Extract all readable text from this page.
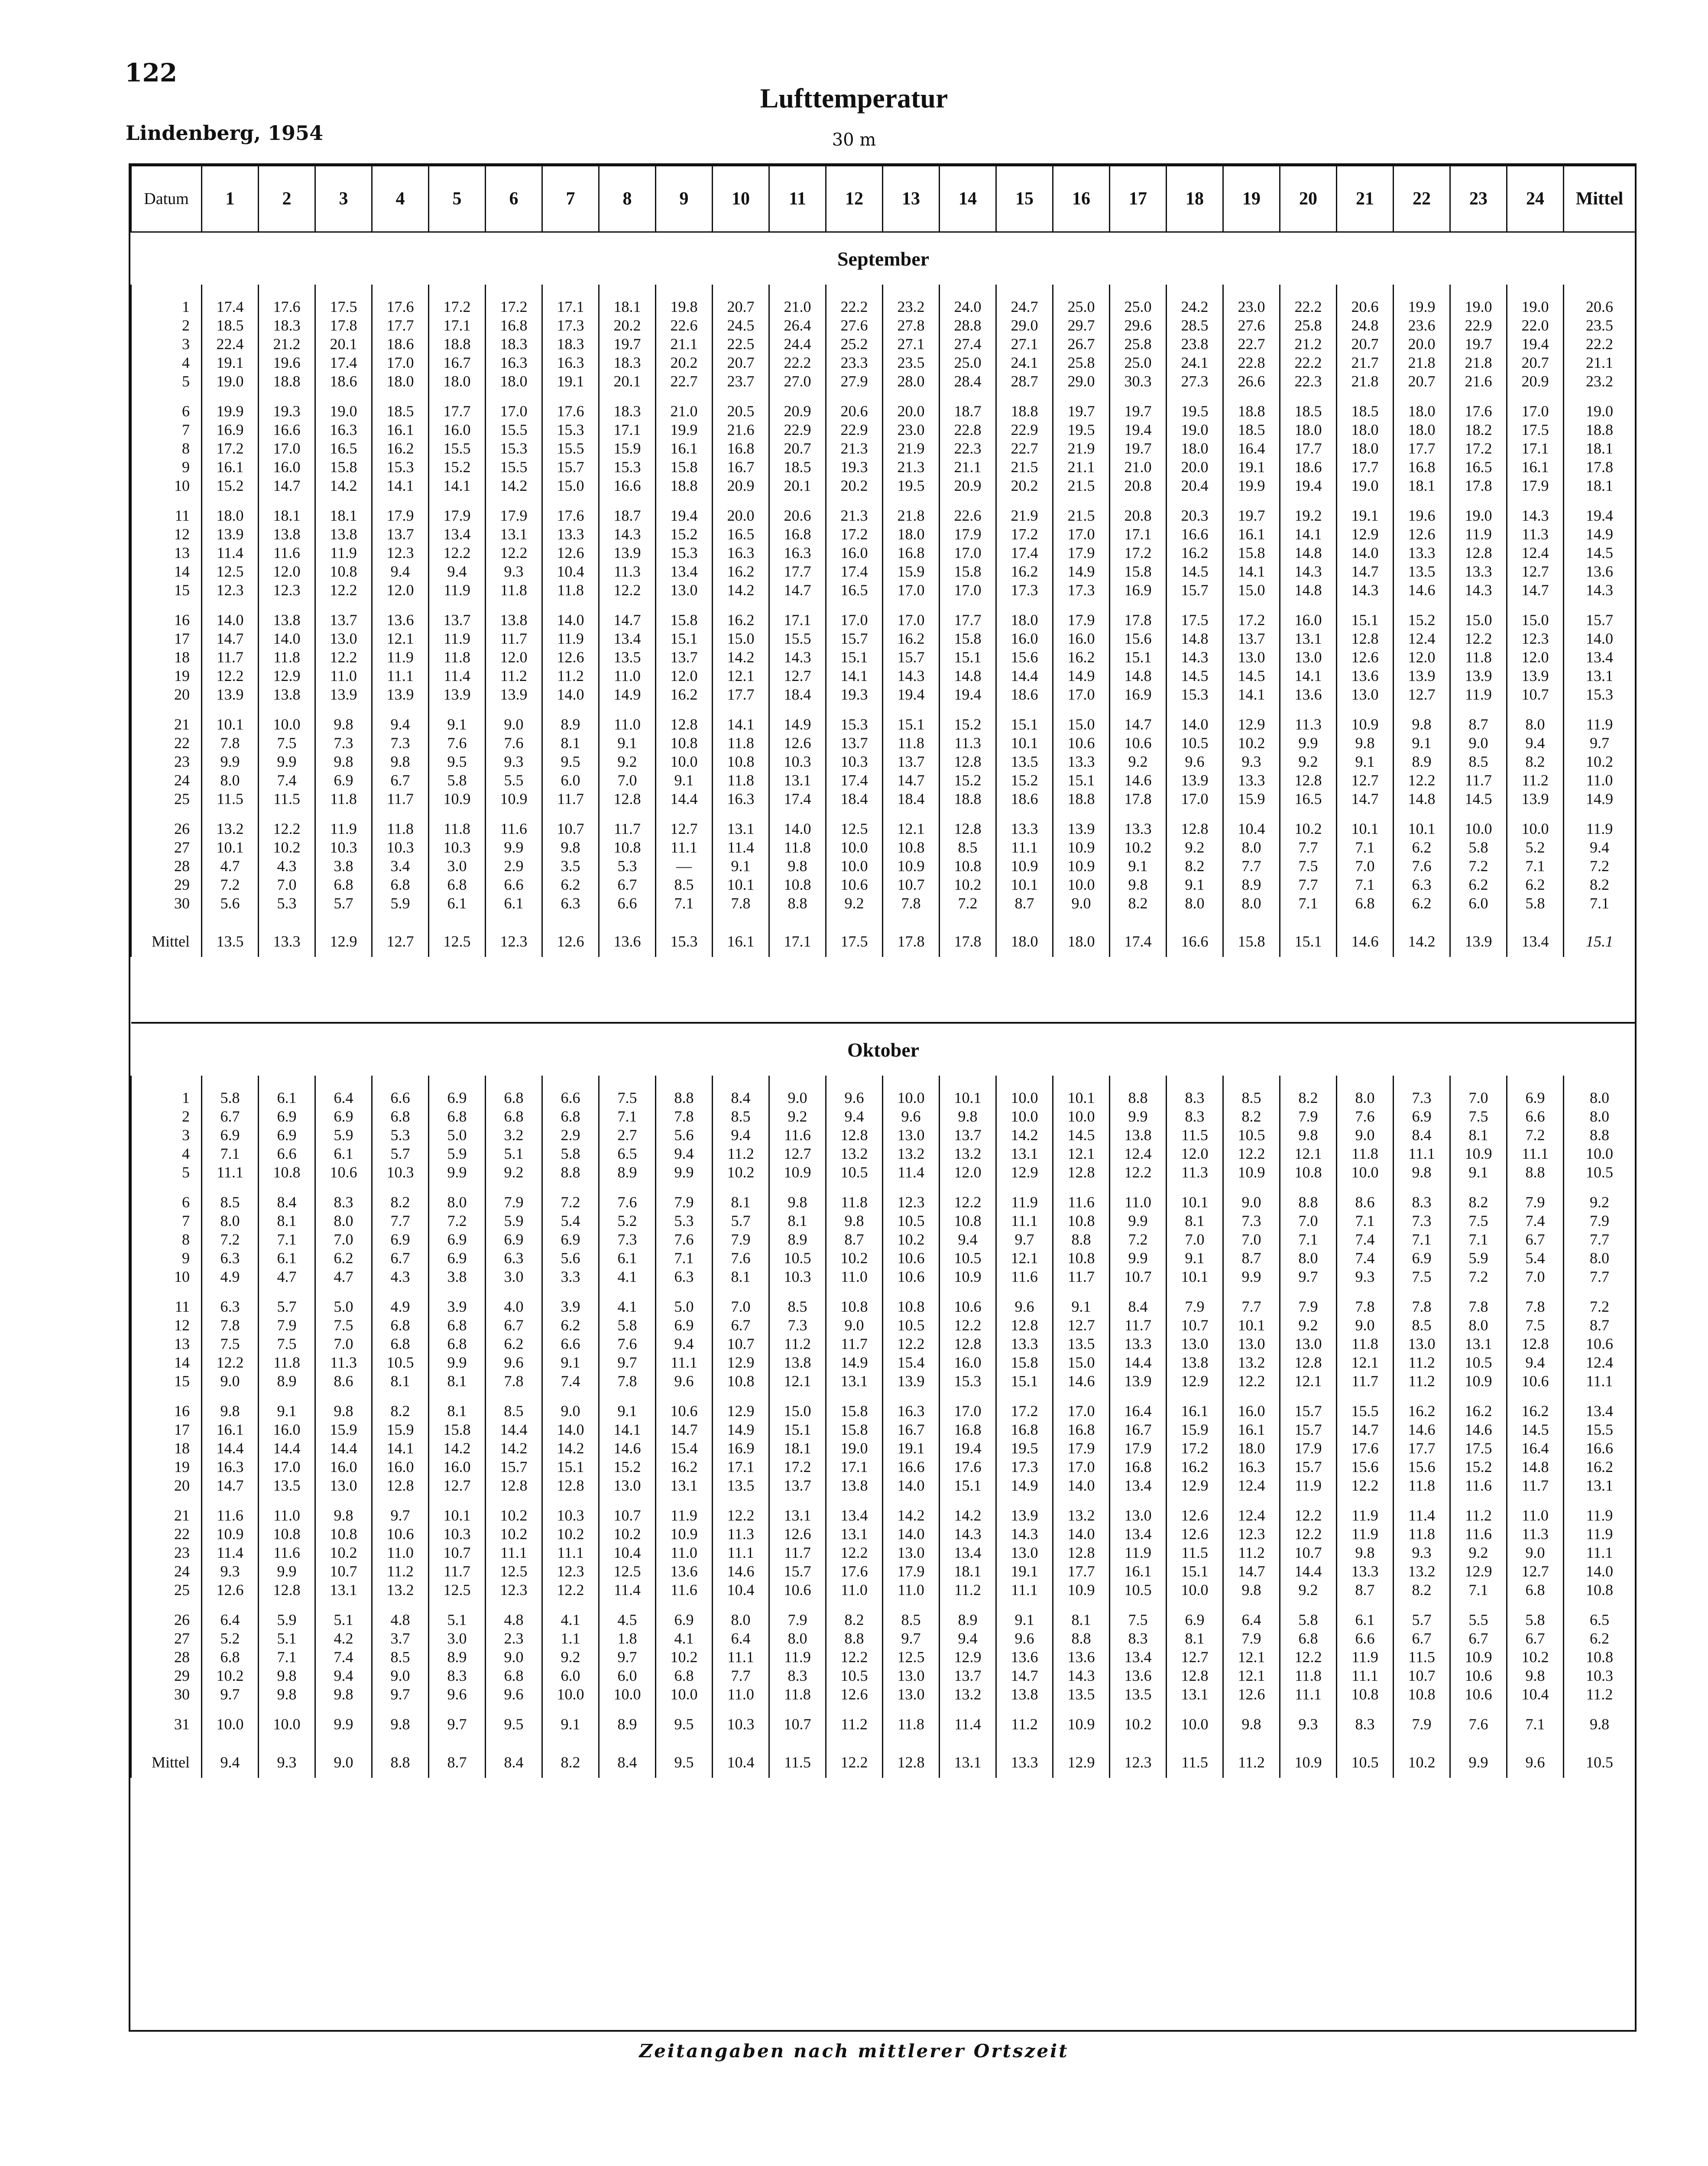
122
Lufttemperatur
Lindenberg, 1954	30 m
Datum	1	2	3	4	5	6	7	8	9	10	11	12	13	14	15	16	17	18	19	20	21	22	23	24	Mittel
September																									

1	17.4	17.6	17.5	17.6	17.2	17.2	17.1	18.1	19.8	20.7	21.0	22.2	23.2	24.0	24.7	25.0	25.0	24.2	23.0	22.2	20.6	19.9	19.0	19.0	20.6
2	18.5	18.3	17.8	17.7	17.1	16.8	17.3	20.2	22.6	24.5	26.4	27.6	27.8	28.8	29.0	29.7	29.6	28.5	27.6	25.8	24.8	23.6	22.9	22.0	23.5
3	22.4	21.2	20.1	18.6	18.8	18.3	18.3	19.7	21.1	22.5	24.4	25.2	27.1	27.4	27.1	26.7	25.8	23.8	22.7	21.2	20.7	20.0	19.7	19.4	22.2
4	19.1	19.6	17.4	17.0	16.7	16.3	16.3	18.3	20.2	20.7	22.2	23.3	23.5	25.0	24.1	25.8	25.0	24.1	22.8	22.2	21.7	21.8	21.8	20.7	21.1
5	19.0	18.8	18.6	18.0	18.0	18.0	19.1	20.1	22.7	23.7	27.0	27.9	28.0	28.4	28.7	29.0	30.3	27.3	26.6	22.3	21.8	20.7	21.6	20.9	23.2

6	19.9	19.3	19.0	18.5	17.7	17.0	17.6	18.3	21.0	20.5	20.9	20.6	20.0	18.7	18.8	19.7	19.7	19.5	18.8	18.5	18.5	18.0	17.6	17.0	19.0
7	16.9	16.6	16.3	16.1	16.0	15.5	15.3	17.1	19.9	21.6	22.9	22.9	23.0	22.8	22.9	19.5	19.4	19.0	18.5	18.0	18.0	18.0	18.2	17.5	18.8
8	17.2	17.0	16.5	16.2	15.5	15.3	15.5	15.9	16.1	16.8	20.7	21.3	21.9	22.3	22.7	21.9	19.7	18.0	16.4	17.7	18.0	17.7	17.2	17.1	18.1
9	16.1	16.0	15.8	15.3	15.2	15.5	15.7	15.3	15.8	16.7	18.5	19.3	21.3	21.1	21.5	21.1	21.0	20.0	19.1	18.6	17.7	16.8	16.5	16.1	17.8
10	15.2	14.7	14.2	14.1	14.1	14.2	15.0	16.6	18.8	20.9	20.1	20.2	19.5	20.9	20.2	21.5	20.8	20.4	19.9	19.4	19.0	18.1	17.8	17.9	18.1

11	18.0	18.1	18.1	17.9	17.9	17.9	17.6	18.7	19.4	20.0	20.6	21.3	21.8	22.6	21.9	21.5	20.8	20.3	19.7	19.2	19.1	19.6	19.0	14.3	19.4
12	13.9	13.8	13.8	13.7	13.4	13.1	13.3	14.3	15.2	16.5	16.8	17.2	18.0	17.9	17.2	17.0	17.1	16.6	16.1	14.1	12.9	12.6	11.9	11.3	14.9
13	11.4	11.6	11.9	12.3	12.2	12.2	12.6	13.9	15.3	16.3	16.3	16.0	16.8	17.0	17.4	17.9	17.2	16.2	15.8	14.8	14.0	13.3	12.8	12.4	14.5
14	12.5	12.0	10.8	9.4	9.4	9.3	10.4	11.3	13.4	16.2	17.7	17.4	15.9	15.8	16.2	14.9	15.8	14.5	14.1	14.3	14.7	13.5	13.3	12.7	13.6
15	12.3	12.3	12.2	12.0	11.9	11.8	11.8	12.2	13.0	14.2	14.7	16.5	17.0	17.0	17.3	17.3	16.9	15.7	15.0	14.8	14.3	14.6	14.3	14.7	14.3

16	14.0	13.8	13.7	13.6	13.7	13.8	14.0	14.7	15.8	16.2	17.1	17.0	17.0	17.7	18.0	17.9	17.8	17.5	17.2	16.0	15.1	15.2	15.0	15.0	15.7
17	14.7	14.0	13.0	12.1	11.9	11.7	11.9	13.4	15.1	15.0	15.5	15.7	16.2	15.8	16.0	16.0	15.6	14.8	13.7	13.1	12.8	12.4	12.2	12.3	14.0
18	11.7	11.8	12.2	11.9	11.8	12.0	12.6	13.5	13.7	14.2	14.3	15.1	15.7	15.1	15.6	16.2	15.1	14.3	13.0	13.0	12.6	12.0	11.8	12.0	13.4
19	12.2	12.9	11.0	11.1	11.4	11.2	11.2	11.0	12.0	12.1	12.7	14.1	14.3	14.8	14.4	14.9	14.8	14.5	14.5	14.1	13.6	13.9	13.9	13.9	13.1
20	13.9	13.8	13.9	13.9	13.9	13.9	14.0	14.9	16.2	17.7	18.4	19.3	19.4	19.4	18.6	17.0	16.9	15.3	14.1	13.6	13.0	12.7	11.9	10.7	15.3

21	10.1	10.0	9.8	9.4	9.1	9.0	8.9	11.0	12.8	14.1	14.9	15.3	15.1	15.2	15.1	15.0	14.7	14.0	12.9	11.3	10.9	9.8	8.7	8.0	11.9
22	7.8	7.5	7.3	7.3	7.6	7.6	8.1	9.1	10.8	11.8	12.6	13.7	11.8	11.3	10.1	10.6	10.6	10.5	10.2	9.9	9.8	9.1	9.0	9.4	9.7
23	9.9	9.9	9.8	9.8	9.5	9.3	9.5	9.2	10.0	10.8	10.3	10.3	13.7	12.8	13.5	13.3	9.2	9.6	9.3	9.2	9.1	8.9	8.5	8.2	10.2
24	8.0	7.4	6.9	6.7	5.8	5.5	6.0	7.0	9.1	11.8	13.1	17.4	14.7	15.2	15.2	15.1	14.6	13.9	13.3	12.8	12.7	12.2	11.7	11.2	11.0
25	11.5	11.5	11.8	11.7	10.9	10.9	11.7	12.8	14.4	16.3	17.4	18.4	18.4	18.8	18.6	18.8	17.8	17.0	15.9	16.5	14.7	14.8	14.5	13.9	14.9

26	13.2	12.2	11.9	11.8	11.8	11.6	10.7	11.7	12.7	13.1	14.0	12.5	12.1	12.8	13.3	13.9	13.3	12.8	10.4	10.2	10.1	10.1	10.0	10.0	11.9
27	10.1	10.2	10.3	10.3	10.3	9.9	9.8	10.8	11.1	11.4	11.8	10.0	10.8	8.5	11.1	10.9	10.2	9.2	8.0	7.7	7.1	6.2	5.8	5.2	9.4
28	4.7	4.3	3.8	3.4	3.0	2.9	3.5	5.3	—	9.1	9.8	10.0	10.9	10.8	10.9	10.9	9.1	8.2	7.7	7.5	7.0	7.6	7.2	7.1	7.2
29	7.2	7.0	6.8	6.8	6.8	6.6	6.2	6.7	8.5	10.1	10.8	10.6	10.7	10.2	10.1	10.0	9.8	9.1	8.9	7.7	7.1	6.3	6.2	6.2	8.2
30	5.6	5.3	5.7	5.9	6.1	6.1	6.3	6.6	7.1	7.8	8.8	9.2	7.8	7.2	8.7	9.0	8.2	8.0	8.0	7.1	6.8	6.2	6.0	5.8	7.1

Mittel	13.5	13.3	12.9	12.7	12.5	12.3	12.6	13.6	15.3	16.1	17.1	17.5	17.8	17.8	18.0	18.0	17.4	16.6	15.8	15.1	14.6	14.2	13.9	13.4	15.1

Oktober																									

1	5.8	6.1	6.4	6.6	6.9	6.8	6.6	7.5	8.8	8.4	9.0	9.6	10.0	10.1	10.0	10.1	8.8	8.3	8.5	8.2	8.0	7.3	7.0	6.9	8.0
2	6.7	6.9	6.9	6.8	6.8	6.8	6.8	7.1	7.8	8.5	9.2	9.4	9.6	9.8	10.0	10.0	9.9	8.3	8.2	7.9	7.6	6.9	7.5	6.6	8.0
3	6.9	6.9	5.9	5.3	5.0	3.2	2.9	2.7	5.6	9.4	11.6	12.8	13.0	13.7	14.2	14.5	13.8	11.5	10.5	9.8	9.0	8.4	8.1	7.2	8.8
4	7.1	6.6	6.1	5.7	5.9	5.1	5.8	6.5	9.4	11.2	12.7	13.2	13.2	13.2	13.1	12.1	12.4	12.0	12.2	12.1	11.8	11.1	10.9	11.1	10.0
5	11.1	10.8	10.6	10.3	9.9	9.2	8.8	8.9	9.9	10.2	10.9	10.5	11.4	12.0	12.9	12.8	12.2	11.3	10.9	10.8	10.0	9.8	9.1	8.8	10.5

6	8.5	8.4	8.3	8.2	8.0	7.9	7.2	7.6	7.9	8.1	9.8	11.8	12.3	12.2	11.9	11.6	11.0	10.1	9.0	8.8	8.6	8.3	8.2	7.9	9.2
7	8.0	8.1	8.0	7.7	7.2	5.9	5.4	5.2	5.3	5.7	8.1	9.8	10.5	10.8	11.1	10.8	9.9	8.1	7.3	7.0	7.1	7.3	7.5	7.4	7.9
8	7.2	7.1	7.0	6.9	6.9	6.9	6.9	7.3	7.6	7.9	8.9	8.7	10.2	9.4	9.7	8.8	7.2	7.0	7.0	7.1	7.4	7.1	7.1	6.7	7.7
9	6.3	6.1	6.2	6.7	6.9	6.3	5.6	6.1	7.1	7.6	10.5	10.2	10.6	10.5	12.1	10.8	9.9	9.1	8.7	8.0	7.4	6.9	5.9	5.4	8.0
10	4.9	4.7	4.7	4.3	3.8	3.0	3.3	4.1	6.3	8.1	10.3	11.0	10.6	10.9	11.6	11.7	10.7	10.1	9.9	9.7	9.3	7.5	7.2	7.0	7.7

11	6.3	5.7	5.0	4.9	3.9	4.0	3.9	4.1	5.0	7.0	8.5	10.8	10.8	10.6	9.6	9.1	8.4	7.9	7.7	7.9	7.8	7.8	7.8	7.8	7.2
12	7.8	7.9	7.5	6.8	6.8	6.7	6.2	5.8	6.9	6.7	7.3	9.0	10.5	12.2	12.8	12.7	11.7	10.7	10.1	9.2	9.0	8.5	8.0	7.5	8.7
13	7.5	7.5	7.0	6.8	6.8	6.2	6.6	7.6	9.4	10.7	11.2	11.7	12.2	12.8	13.3	13.5	13.3	13.0	13.0	13.0	11.8	13.0	13.1	12.8	10.6
14	12.2	11.8	11.3	10.5	9.9	9.6	9.1	9.7	11.1	12.9	13.8	14.9	15.4	16.0	15.8	15.0	14.4	13.8	13.2	12.8	12.1	11.2	10.5	9.4	12.4
15	9.0	8.9	8.6	8.1	8.1	7.8	7.4	7.8	9.6	10.8	12.1	13.1	13.9	15.3	15.1	14.6	13.9	12.9	12.2	12.1	11.7	11.2	10.9	10.6	11.1

16	9.8	9.1	9.8	8.2	8.1	8.5	9.0	9.1	10.6	12.9	15.0	15.8	16.3	17.0	17.2	17.0	16.4	16.1	16.0	15.7	15.5	16.2	16.2	16.2	13.4
17	16.1	16.0	15.9	15.9	15.8	14.4	14.0	14.1	14.7	14.9	15.1	15.8	16.7	16.8	16.8	16.8	16.7	15.9	16.1	15.7	14.7	14.6	14.6	14.5	15.5
18	14.4	14.4	14.4	14.1	14.2	14.2	14.2	14.6	15.4	16.9	18.1	19.0	19.1	19.4	19.5	17.9	17.9	17.2	18.0	17.9	17.6	17.7	17.5	16.4	16.6
19	16.3	17.0	16.0	16.0	16.0	15.7	15.1	15.2	16.2	17.1	17.2	17.1	16.6	17.6	17.3	17.0	16.8	16.2	16.3	15.7	15.6	15.6	15.2	14.8	16.2
20	14.7	13.5	13.0	12.8	12.7	12.8	12.8	13.0	13.1	13.5	13.7	13.8	14.0	15.1	14.9	14.0	13.4	12.9	12.4	11.9	12.2	11.8	11.6	11.7	13.1

21	11.6	11.0	9.8	9.7	10.1	10.2	10.3	10.7	11.9	12.2	13.1	13.4	14.2	14.2	13.9	13.2	13.0	12.6	12.4	12.2	11.9	11.4	11.2	11.0	11.9
22	10.9	10.8	10.8	10.6	10.3	10.2	10.2	10.2	10.9	11.3	12.6	13.1	14.0	14.3	14.3	14.0	13.4	12.6	12.3	12.2	11.9	11.8	11.6	11.3	11.9
23	11.4	11.6	10.2	11.0	10.7	11.1	11.1	10.4	11.0	11.1	11.7	12.2	13.0	13.4	13.0	12.8	11.9	11.5	11.2	10.7	9.8	9.3	9.2	9.0	11.1
24	9.3	9.9	10.7	11.2	11.7	12.5	12.3	12.5	13.6	14.6	15.7	17.6	17.9	18.1	19.1	17.7	16.1	15.1	14.7	14.4	13.3	13.2	12.9	12.7	14.0
25	12.6	12.8	13.1	13.2	12.5	12.3	12.2	11.4	11.6	10.4	10.6	11.0	11.0	11.2	11.1	10.9	10.5	10.0	9.8	9.2	8.7	8.2	7.1	6.8	10.8

26	6.4	5.9	5.1	4.8	5.1	4.8	4.1	4.5	6.9	8.0	7.9	8.2	8.5	8.9	9.1	8.1	7.5	6.9	6.4	5.8	6.1	5.7	5.5	5.8	6.5
27	5.2	5.1	4.2	3.7	3.0	2.3	1.1	1.8	4.1	6.4	8.0	8.8	9.7	9.4	9.6	8.8	8.3	8.1	7.9	6.8	6.6	6.7	6.7	6.7	6.2
28	6.8	7.1	7.4	8.5	8.9	9.0	9.2	9.7	10.2	11.1	11.9	12.2	12.5	12.9	13.6	13.6	13.4	12.7	12.1	12.2	11.9	11.5	10.9	10.2	10.8
29	10.2	9.8	9.4	9.0	8.3	6.8	6.0	6.0	6.8	7.7	8.3	10.5	13.0	13.7	14.7	14.3	13.6	12.8	12.1	11.8	11.1	10.7	10.6	9.8	10.3
30	9.7	9.8	9.8	9.7	9.6	9.6	10.0	10.0	10.0	11.0	11.8	12.6	13.0	13.2	13.8	13.5	13.5	13.1	12.6	11.1	10.8	10.8	10.6	10.4	11.2

31	10.0	10.0	9.9	9.8	9.7	9.5	9.1	8.9	9.5	10.3	10.7	11.2	11.8	11.4	11.2	10.9	10.2	10.0	9.8	9.3	8.3	7.9	7.6	7.1	9.8

Mittel	9.4	9.3	9.0	8.8	8.7	8.4	8.2	8.4	9.5	10.4	11.5	12.2	12.8	13.1	13.3	12.9	12.3	11.5	11.2	10.9	10.5	10.2	9.9	9.6	10.5
Zeitangaben nach mittlerer Ortszeit
